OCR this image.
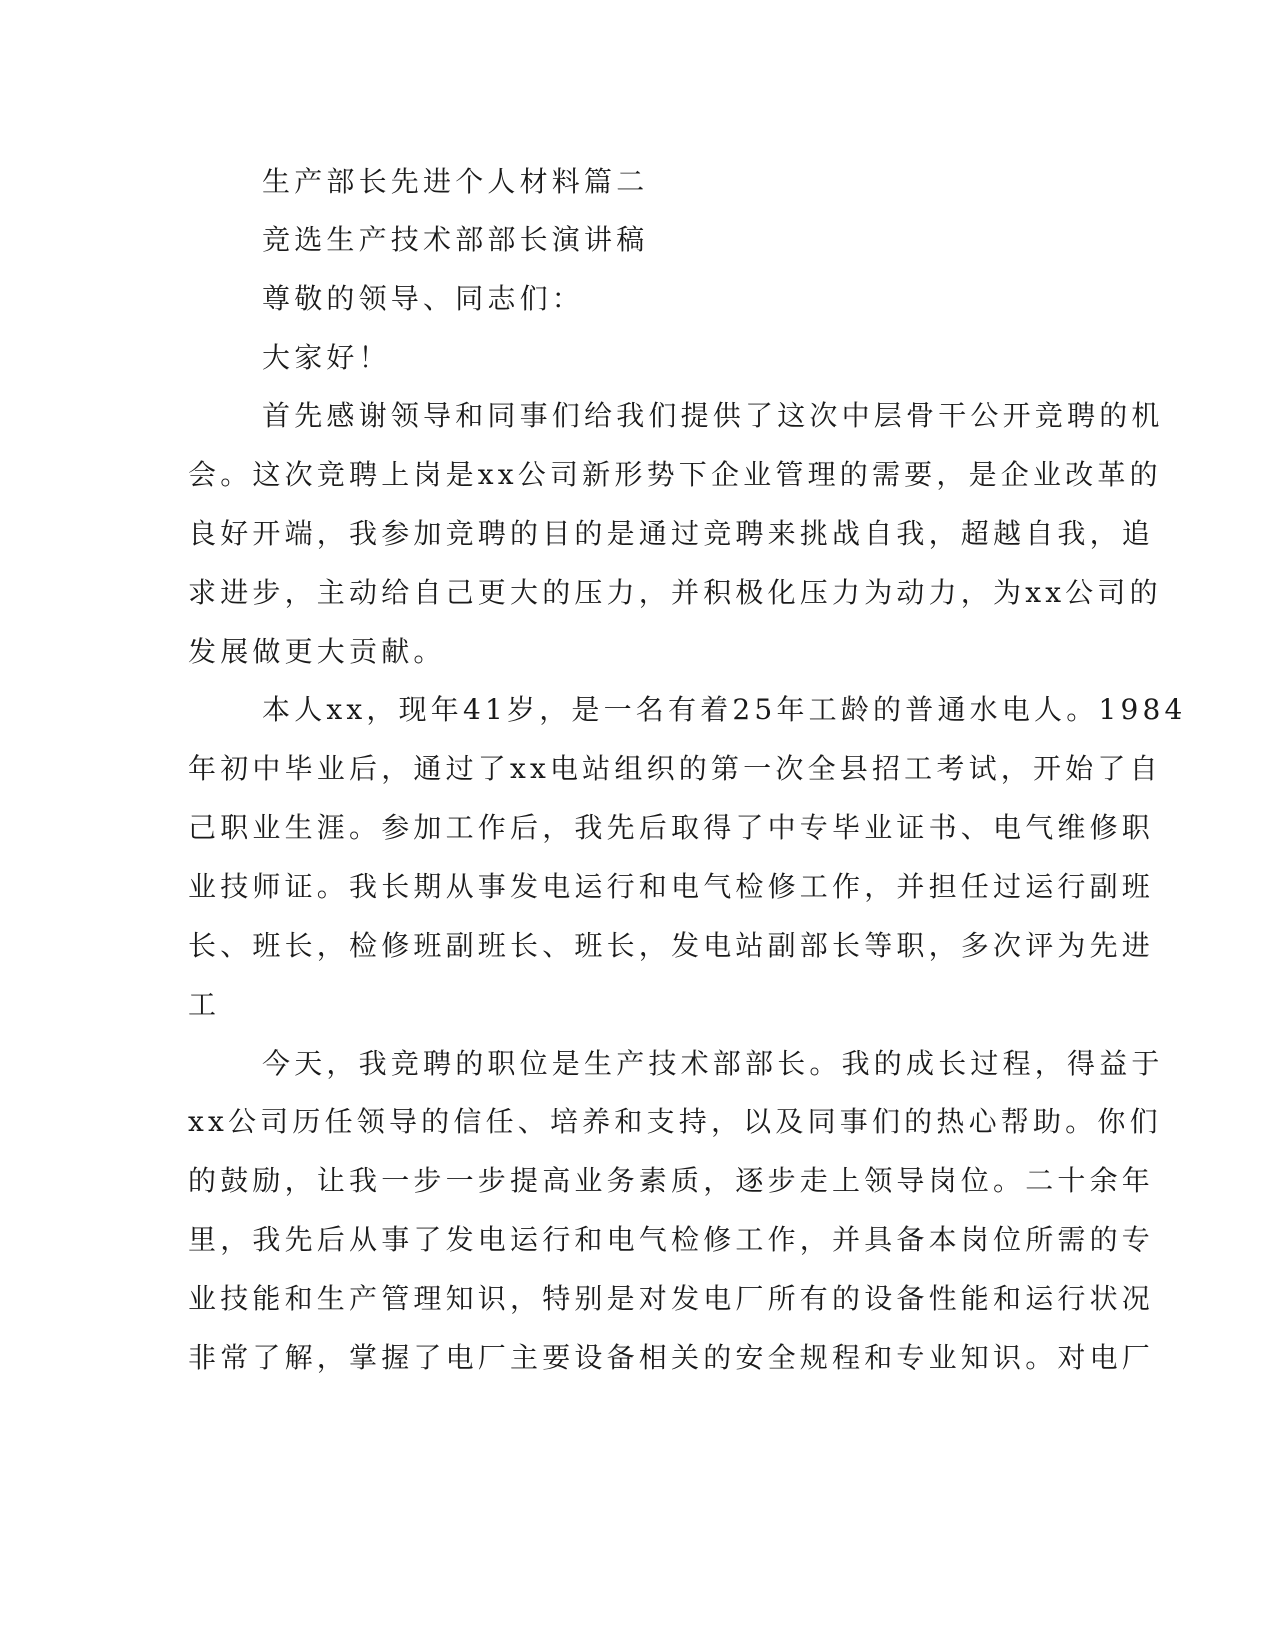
生产部长先进个人材料篇二
竞选生产技术部部长演讲稿
尊敬的领导、同志们：
大家好！
首先感谢领导和同事们给我们提供了这次中层骨干公开竞聘的机
会。这次竞聘上岗是xx公司新形势下企业管理的需要，是企业改革的
良好开端，我参加竞聘的目的是通过竞聘来挑战自我，超越自我，追
求进步，主动给自己更大的压力，并积极化压力为动力，为xx公司的
发展做更大贡献。
本人xx，现年41岁，是一名有着25年工龄的普通水电人。1984
年初中毕业后，通过了xx电站组织的第一次全县招工考试，开始了自
己职业生涯。参加工作后，我先后取得了中专毕业证书、电气维修职
业技师证。我长期从事发电运行和电气检修工作，并担任过运行副班
长、班长，检修班副班长、班长，发电站副部长等职，多次评为先进
工
今天，我竞聘的职位是生产技术部部长。我的成长过程，得益于
xx公司历任领导的信任、培养和支持，以及同事们的热心帮助。你们
的鼓励，让我一步一步提高业务素质，逐步走上领导岗位。二十余年
里，我先后从事了发电运行和电气检修工作，并具备本岗位所需的专
业技能和生产管理知识，特别是对发电厂所有的设备性能和运行状况
非常了解，掌握了电厂主要设备相关的安全规程和专业知识。对电厂
